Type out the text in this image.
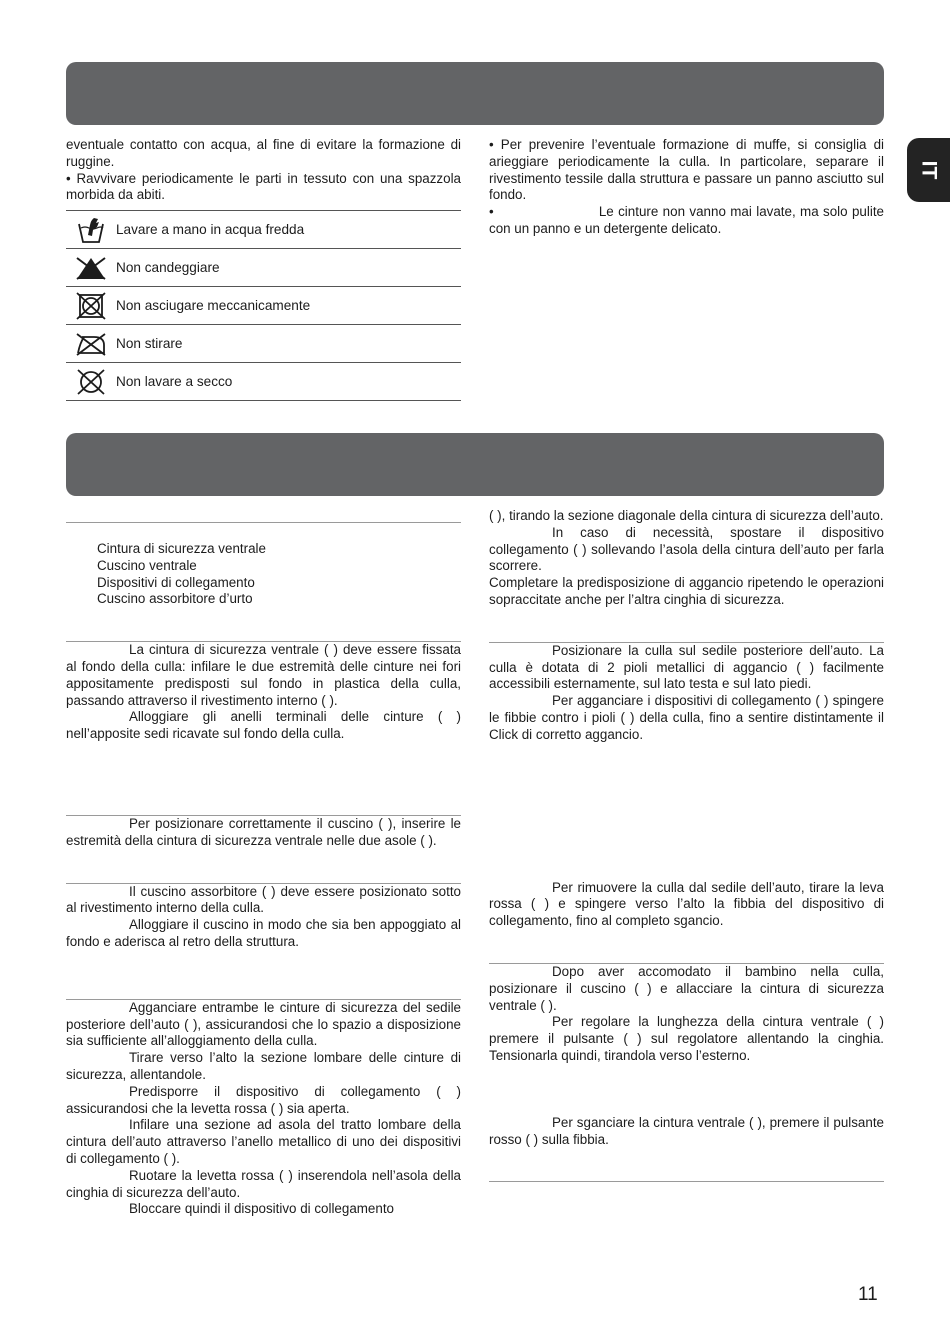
IT

eventuale contatto con acqua, al fine di evitare la formazione di ruggine.

• Ravvivare periodicamente le parti in tessuto con una spazzola morbida da abiti.

Lavare a mano in acqua fredda
Non candeggiare
Non asciugare meccanicamente
Non stirare
Non lavare a secco

• Per prevenire l’eventuale formazione di muffe, si consiglia di arieggiare periodicamente la culla. In particolare, separare il rivestimento tessile dalla struttura e passare un panno asciutto sul fondo.

•                        Le cinture non vanno mai lavate, ma solo pulite con un panno e un detergente delicato.

Cintura di sicurezza ventrale

Cuscino ventrale

Dispositivi di collegamento

Cuscino assorbitore d’urto

La cintura di sicurezza ventrale ( ) deve essere fissata al fondo della culla: infilare le due estremità delle cinture nei fori appositamente predisposti sul fondo in plastica della culla, passando attraverso il rivestimento interno ( ).

Alloggiare gli anelli terminali delle cinture ( ) nell’apposite sedi ricavate sul fondo della culla.

Per posizionare correttamente il cuscino ( ), inserire le estremità della cintura di sicurezza ventrale nelle due asole ( ).

Il cuscino assorbitore ( ) deve essere posizionato sotto al rivestimento interno della culla.

Alloggiare il cuscino in modo che sia ben appoggiato al fondo e aderisca al retro della struttura.

Agganciare entrambe le cinture di sicurezza del sedile posteriore dell’auto ( ), assicurandosi che lo spazio a disposizione sia sufficiente all’alloggiamento della culla.

Tirare verso l’alto la sezione lombare delle cinture di sicurezza, allentandole.

Predisporre il dispositivo di collegamento ( ) assicurandosi che la levetta rossa ( ) sia aperta.

Infilare una sezione ad asola del tratto lombare della cintura dell’auto attraverso l’anello metallico di uno dei dispositivi di collegamento ( ).

Ruotare la levetta rossa ( ) inserendola nell’asola della cinghia di sicurezza dell’auto.

Bloccare quindi il dispositivo di collegamento

( ), tirando la sezione diagonale della cintura di sicurezza dell’auto.

In caso di necessità, spostare il dispositivo collegamento ( ) sollevando l’asola della cintura dell’auto per farla scorrere.

Completare la predisposizione di aggancio ripetendo le operazioni sopraccitate anche per l’altra cinghia di sicurezza.

Posizionare la culla sul sedile posteriore dell’auto. La culla è dotata di 2 pioli metallici di aggancio ( ) facilmente accessibili esternamente, sul lato testa e sul lato piedi.

Per agganciare i dispositivi di collegamento ( ) spingere le fibbie contro i pioli ( ) della culla, fino a sentire distintamente il Click di corretto aggancio.

Per rimuovere la culla dal sedile dell’auto, tirare la leva rossa ( ) e spingere verso l’alto la fibbia del dispositivo di collegamento, fino al completo sgancio.

Dopo aver accomodato il bambino nella culla, posizionare il cuscino ( ) e allacciare la cintura di sicurezza ventrale ( ).

Per regolare la lunghezza della cintura ventrale ( ) premere il pulsante ( ) sul regolatore allentando la cinghia. Tensionarla quindi, tirandola verso l’esterno.

Per sganciare la cintura ventrale ( ), premere il pulsante rosso ( ) sulla fibbia.

11
